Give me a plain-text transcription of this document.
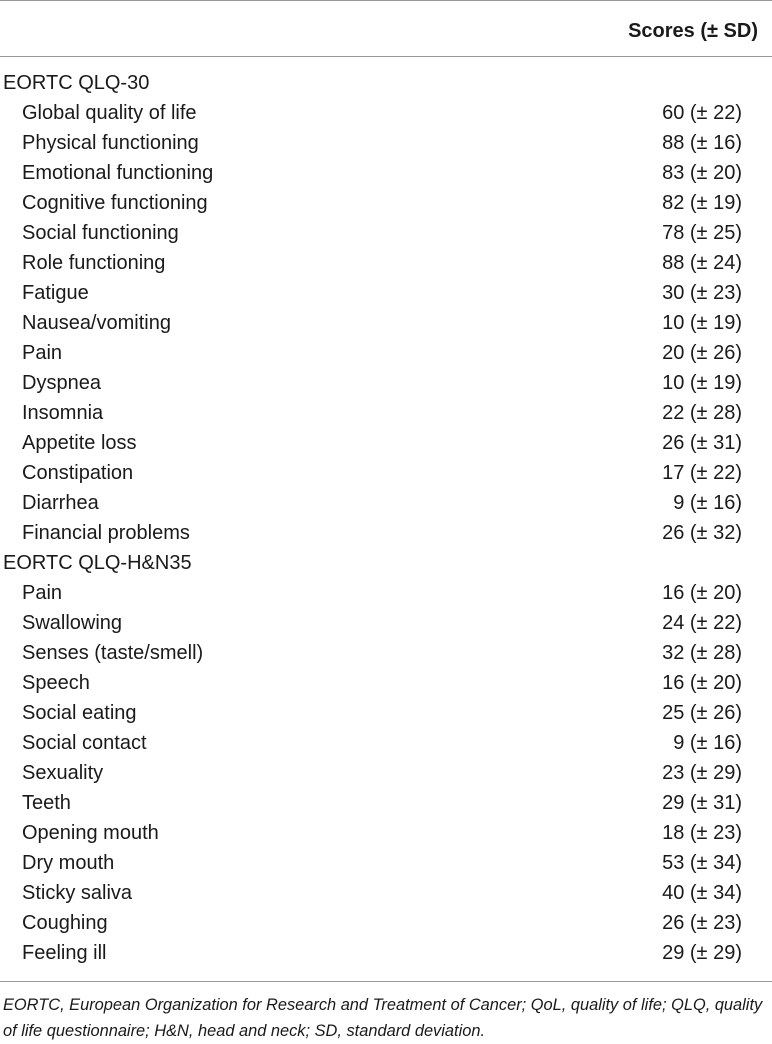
Scores (± SD)
EORTC QLQ-30
Global quality of life	60 (± 22)
Physical functioning	88 (± 16)
Emotional functioning	83 (± 20)
Cognitive functioning	82 (± 19)
Social functioning	78 (± 25)
Role functioning	88 (± 24)
Fatigue	30 (± 23)
Nausea/vomiting	10 (± 19)
Pain	20 (± 26)
Dyspnea	10 (± 19)
Insomnia	22 (± 28)
Appetite loss	26 (± 31)
Constipation	17 (± 22)
Diarrhea	9 (± 16)
Financial problems	26 (± 32)
EORTC QLQ-H&N35
Pain	16 (± 20)
Swallowing	24 (± 22)
Senses (taste/smell)	32 (± 28)
Speech	16 (± 20)
Social eating	25 (± 26)
Social contact	9 (± 16)
Sexuality	23 (± 29)
Teeth	29 (± 31)
Opening mouth	18 (± 23)
Dry mouth	53 (± 34)
Sticky saliva	40 (± 34)
Coughing	26 (± 23)
Feeling ill	29 (± 29)
EORTC, European Organization for Research and Treatment of Cancer; QoL, quality of life; QLQ, quality of life questionnaire; H&N, head and neck; SD, standard deviation.
